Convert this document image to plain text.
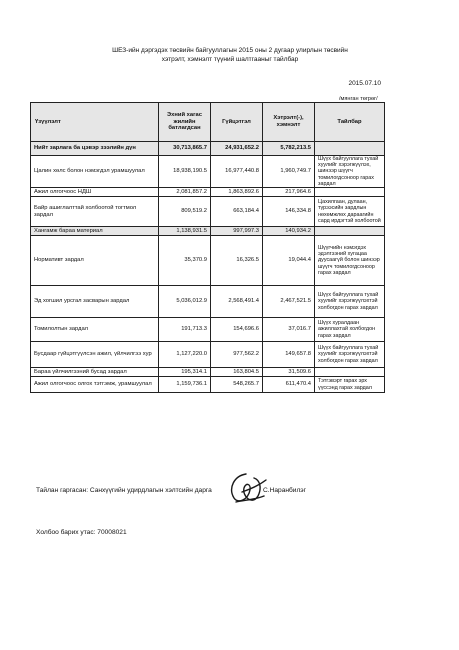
ШЕЗ-ийн дэргэдэх төсвийн байгууллагын 2015 оны 2 дугаар улирлын төсвийн
хэтрэлт, хэмнэлт түүний шалтгааныг тайлбар
2015.07.10
/мянган төгрөг/
Үзүүлэлт	Эхний хагас жилийн батлагдсан	Гүйцэтгэл	Хэтрэлт(-), хэмнэлт	Тайлбар
Нийт зарлага ба цэвэр зээлийн дүн	30,713,865.7	24,931,652.2	5,782,213.5	
Цалин хөлс болон нэмэгдэл урамшуулал	18,938,190.5	16,977,440.8	1,960,749.7	Шүүх байгууллага тухай хуулийг хэрэгжүүлэх, шинээр шүүгч томилогдсоноор гарах зардал
Ажил олгогчоос НДШ	2,081,857.2	1,863,892.6	217,964.6	
Байр ашиглалттай холбоотой тогтмол зардал	809,519.2	663,184.4	146,334.8	Цахилгаан, дулаан, түрээсийн зардлын нөхөмжлөх дараагийн сард ирдэгтэй холбоотой
Хангамж бараа материал	1,138,931.5	997,997.3	140,934.2	
Нормативт зардал	35,370.9	16,326.5	19,044.4	Шүүгчийн нэмэгдэх эдэлгээний хугацаа дуусаагүй болон шинээр шүүгч томилогдсоноор гарах зардал
Эд хогшил урсгал засварын зардал	5,036,012.9	2,568,491.4	2,467,521.5	Шүүх байгууллага тухай хуулийг хэрэгжүүлэхтэй холбогдон гарах зардал
Томилолтын зардал	191,713.3	154,696.6	37,016.7	Шүүх хуралдаан ажиллахтай холбогдон гарах зардал
Бусдаар гүйцэтгүүлсэн ажил, үйлчилгээ хур	1,127,220.0	977,562.2	149,657.8	Шүүх байгууллага тухай хуулийг хэрэгжүүлэхтэй холбогдон гарах зардал
Бараа үйлчилгээний бусад зардал	195,314.1	163,804.5	31,509.6	
Ажил олгогчоос олгох тэтгэмж, урамшуулал	1,159,736.1	548,265.7	611,470.4	Тэтгэвэрт гарах эрх үүссэнд гарах зардал
Тайлан гаргасан: Санхүүгийн удирдлагын хэлтсийн дарга	С.Наранбилэг
Холбоо барих утас: 70008021
